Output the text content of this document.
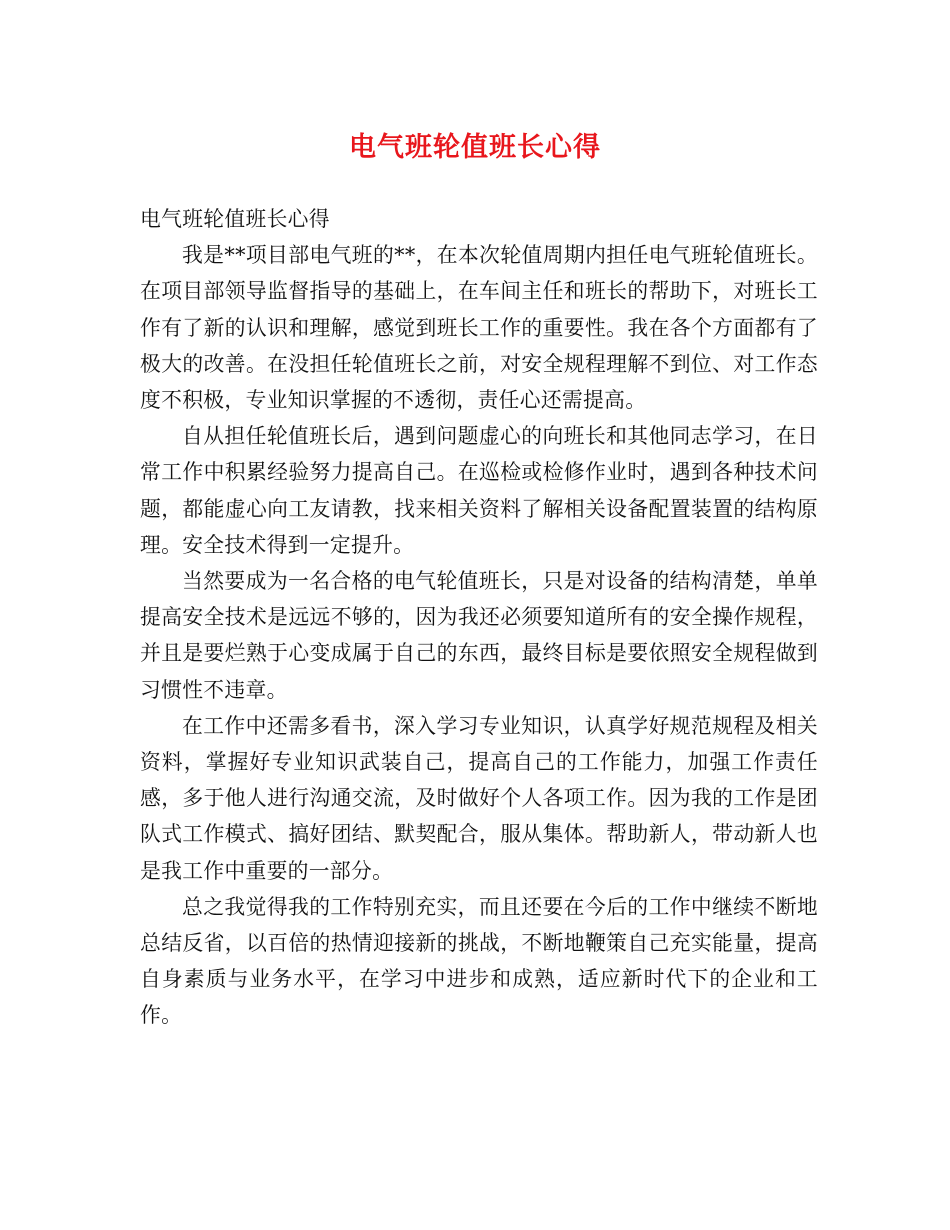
电气班轮值班长心得

电气班轮值班长心得

我是**项目部电气班的**，在本次轮值周期内担任电气班轮值班长。在项目部领导监督指导的基础上，在车间主任和班长的帮助下，对班长工作有了新的认识和理解，感觉到班长工作的重要性。我在各个方面都有了极大的改善。在没担任轮值班长之前，对安全规程理解不到位、对工作态度不积极，专业知识掌握的不透彻，责任心还需提高。

自从担任轮值班长后，遇到问题虚心的向班长和其他同志学习，在日常工作中积累经验努力提高自己。在巡检或检修作业时，遇到各种技术问题，都能虚心向工友请教，找来相关资料了解相关设备配置装置的结构原理。安全技术得到一定提升。

当然要成为一名合格的电气轮值班长，只是对设备的结构清楚，单单提高安全技术是远远不够的，因为我还必须要知道所有的安全操作规程，并且是要烂熟于心变成属于自己的东西，最终目标是要依照安全规程做到习惯性不违章。

在工作中还需多看书，深入学习专业知识，认真学好规范规程及相关资料，掌握好专业知识武装自己，提高自己的工作能力，加强工作责任感，多于他人进行沟通交流，及时做好个人各项工作。因为我的工作是团队式工作模式、搞好团结、默契配合，服从集体。帮助新人，带动新人也是我工作中重要的一部分。

总之我觉得我的工作特别充实，而且还要在今后的工作中继续不断地总结反省，以百倍的热情迎接新的挑战，不断地鞭策自己充实能量，提高自身素质与业务水平，在学习中进步和成熟，适应新时代下的企业和工作。
